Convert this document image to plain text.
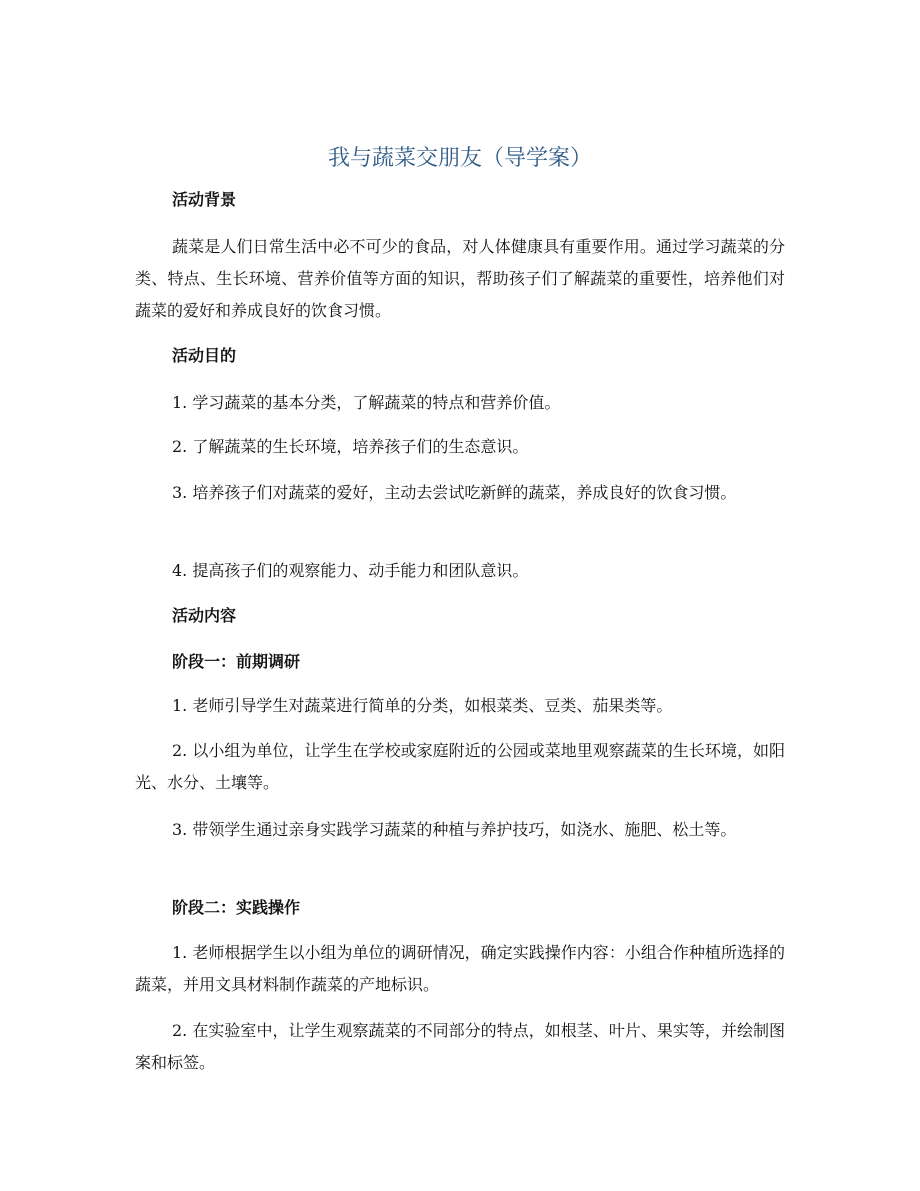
我与蔬菜交朋友（导学案）
活动背景
蔬菜是人们日常生活中必不可少的食品，对人体健康具有重要作用。通过学习蔬菜的分类、特点、生长环境、营养价值等方面的知识，帮助孩子们了解蔬菜的重要性，培养他们对蔬菜的爱好和养成良好的饮食习惯。
活动目的
1. 学习蔬菜的基本分类，了解蔬菜的特点和营养价值。
2. 了解蔬菜的生长环境，培养孩子们的生态意识。
3. 培养孩子们对蔬菜的爱好，主动去尝试吃新鲜的蔬菜，养成良好的饮食习惯。
4. 提高孩子们的观察能力、动手能力和团队意识。
活动内容
阶段一：前期调研
1. 老师引导学生对蔬菜进行简单的分类，如根菜类、豆类、茄果类等。
2. 以小组为单位，让学生在学校或家庭附近的公园或菜地里观察蔬菜的生长环境，如阳光、水分、土壤等。
3. 带领学生通过亲身实践学习蔬菜的种植与养护技巧，如浇水、施肥、松土等。
阶段二：实践操作
1. 老师根据学生以小组为单位的调研情况，确定实践操作内容：小组合作种植所选择的蔬菜，并用文具材料制作蔬菜的产地标识。
2. 在实验室中，让学生观察蔬菜的不同部分的特点，如根茎、叶片、果实等，并绘制图案和标签。
